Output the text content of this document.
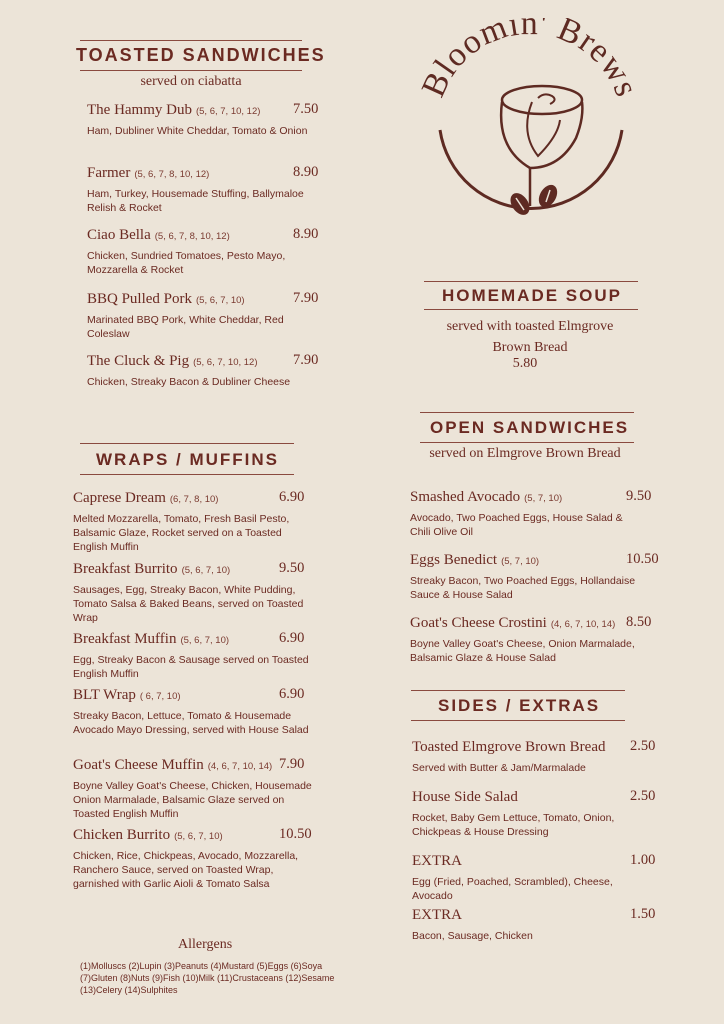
Bloomin' Brews
TOASTED SANDWICHES
served on ciabatta
The Hammy Dub (5, 6, 7, 10, 12) 7.50
Ham, Dubliner White Cheddar, Tomato & Onion
Farmer (5, 6, 7, 8, 10, 12)	8.90
Ham, Turkey, Housemade Stuffing, Ballymaloe Relish & Rocket
Ciao Bella (5, 6, 7, 8, 10, 12)	8.90
Chicken, Sundried Tomatoes, Pesto Mayo, Mozzarella & Rocket
BBQ Pulled Pork (5, 6, 7, 10)	7.90
Marinated BBQ Pork, White Cheddar, Red Coleslaw
The Cluck & Pig (5, 6, 7, 10, 12) 7.90
Chicken, Streaky Bacon & Dubliner Cheese
WRAPS / MUFFINS
Caprese Dream (6, 7, 8, 10)	6.90
Melted Mozzarella, Tomato, Fresh Basil Pesto, Balsamic Glaze, Rocket served on a Toasted English Muffin
Breakfast Burrito (5, 6, 7, 10)	9.50
Sausages, Egg, Streaky Bacon, White Pudding, Tomato Salsa & Baked Beans, served on Toasted Wrap
Breakfast Muffin (5, 6, 7, 10)	6.90
Egg, Streaky Bacon & Sausage served on Toasted English Muffin
BLT Wrap ( 6, 7, 10)	6.90
Streaky Bacon, Lettuce, Tomato & Housemade Avocado Mayo Dressing, served with House Salad
Goat's Cheese Muffin (4, 6, 7, 10, 14) 7.90
Boyne Valley Goat's Cheese, Chicken, Housemade Onion Marmalade, Balsamic Glaze served on Toasted English Muffin
Chicken Burrito (5, 6, 7, 10)	10.50
Chicken, Rice, Chickpeas, Avocado, Mozzarella, Ranchero Sauce, served on Toasted Wrap, garnished with Garlic Aioli & Tomato Salsa
HOMEMADE SOUP
served with toasted Elmgrove Brown Bread
5.80
OPEN SANDWICHES
served on Elmgrove Brown Bread
Smashed Avocado (5, 7, 10)	9.50
Avocado, Two Poached Eggs, House Salad & Chili Olive Oil
Eggs Benedict (5, 7, 10)	10.50
Streaky Bacon, Two Poached Eggs, Hollandaise Sauce & House Salad
Goat's Cheese Crostini (4, 6, 7, 10, 14) 8.50
Boyne Valley Goat's Cheese, Onion Marmalade, Balsamic Glaze & House Salad
SIDES / EXTRAS
Toasted Elmgrove Brown Bread 2.50
Served with Butter & Jam/Marmalade
House Side Salad	2.50
Rocket, Baby Gem Lettuce, Tomato, Onion, Chickpeas & House Dressing
EXTRA	1.00
Egg (Fried, Poached, Scrambled), Cheese, Avocado
EXTRA	1.50
Bacon, Sausage, Chicken
Allergens
(1)Molluscs (2)Lupin (3)Peanuts (4)Mustard (5)Eggs (6)Soya
(7)Gluten (8)Nuts (9)Fish (10)Milk (11)Crustaceans (12)Sesame
(13)Celery (14)Sulphites
